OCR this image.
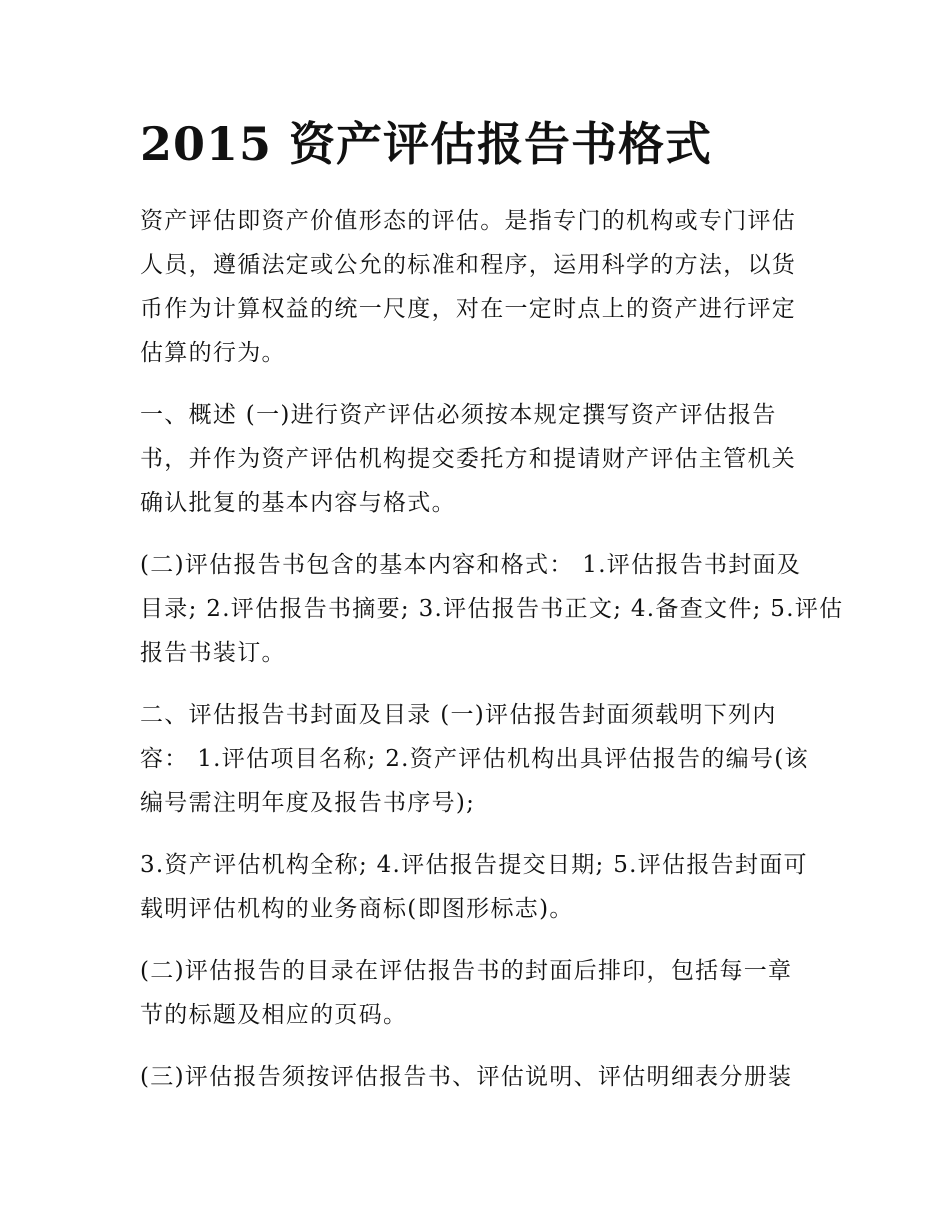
2015 资产评估报告书格式
资产评估即资产价值形态的评估。是指专门的机构或专门评估
人员，遵循法定或公允的标准和程序，运用科学的方法，以货
币作为计算权益的统一尺度，对在一定时点上的资产进行评定
估算的行为。
一、概述 (一)进行资产评估必须按本规定撰写资产评估报告
书，并作为资产评估机构提交委托方和提请财产评估主管机关
确认批复的基本内容与格式。
(二)评估报告书包含的基本内容和格式： 1.评估报告书封面及
目录; 2.评估报告书摘要; 3.评估报告书正文; 4.备查文件; 5.评估
报告书装订。
二、评估报告书封面及目录 (一)评估报告封面须载明下列内
容： 1.评估项目名称; 2.资产评估机构出具评估报告的编号(该
编号需注明年度及报告书序号);
3.资产评估机构全称; 4.评估报告提交日期; 5.评估报告封面可
载明评估机构的业务商标(即图形标志)。
(二)评估报告的目录在评估报告书的封面后排印，包括每一章
节的标题及相应的页码。
(三)评估报告须按评估报告书、评估说明、评估明细表分册装
